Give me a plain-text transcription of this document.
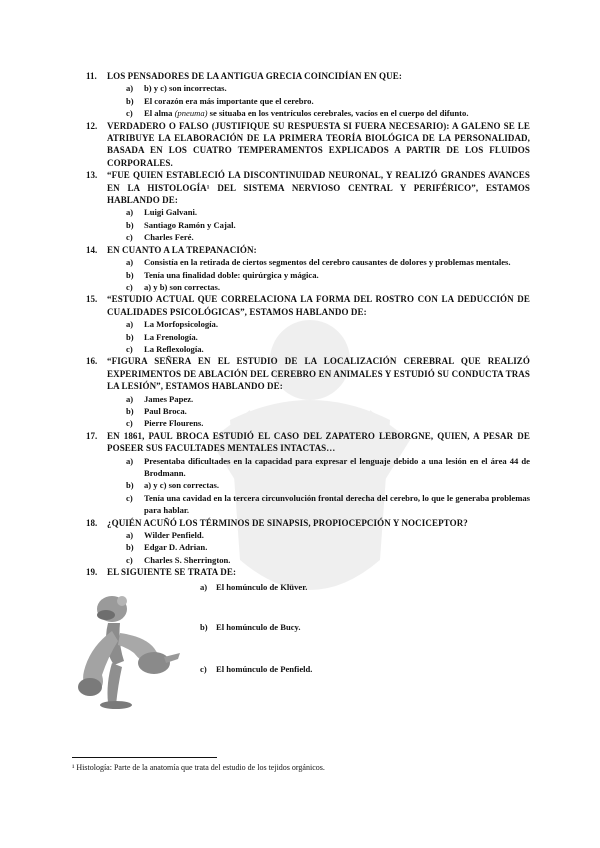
11.	LOS PENSADORES DE LA ANTIGUA GRECIA COINCIDÍAN EN QUE:
a)	b) y c) son incorrectas.
b)	El corazón era más importante que el cerebro.
c)	El alma (pneuma) se situaba en los ventrículos cerebrales, vacíos en el cuerpo del difunto.
12.	VERDADERO O FALSO (JUSTIFIQUE SU RESPUESTA SI FUERA NECESARIO): A GALENO SE LE ATRIBUYE LA ELABORACIÓN DE LA PRIMERA TEORÍA BIOLÓGICA DE LA PERSONALIDAD, BASADA EN LOS CUATRO TEMPERAMENTOS EXPLICADOS A PARTIR DE LOS FLUIDOS CORPORALES.
13.	“FUE QUIEN ESTABLECIÓ LA DISCONTINUIDAD NEURONAL, Y REALIZÓ GRANDES AVANCES EN LA HISTOLOGÍA¹ DEL SISTEMA NERVIOSO CENTRAL Y PERIFÉRICO”, ESTAMOS HABLANDO DE:
a)	Luigi Galvani.
b)	Santiago Ramón y Cajal.
c)	Charles Feré.
14.	EN CUANTO A LA TREPANACIÓN:
a)	Consistía en la retirada de ciertos segmentos del cerebro causantes de dolores y problemas mentales.
b)	Tenía una finalidad doble: quirúrgica y mágica.
c)	a) y b) son correctas.
15.	“ESTUDIO ACTUAL QUE CORRELACIONA LA FORMA DEL ROSTRO CON LA DEDUCCIÓN DE CUALIDADES PSICOLÓGICAS”, ESTAMOS HABLANDO DE:
a)	La Morfopsicología.
b)	La Frenología.
c)	La Reflexología.
16.	“FIGURA SEÑERA EN EL ESTUDIO DE LA LOCALIZACIÓN CEREBRAL QUE REALIZÓ EXPERIMENTOS DE ABLACIÓN DEL CEREBRO EN ANIMALES Y ESTUDIÓ SU CONDUCTA TRAS LA LESIÓN”, ESTAMOS HABLANDO DE:
a)	James Papez.
b)	Paul Broca.
c)	Pierre Flourens.
17.	EN 1861, PAUL BROCA ESTUDIÓ EL CASO DEL ZAPATERO LEBORGNE, QUIEN, A PESAR DE POSEER SUS FACULTADES MENTALES INTACTAS…
a)	Presentaba dificultades en la capacidad para expresar el lenguaje debido a una lesión en el área 44 de Brodmann.
b)	a) y c) son correctas.
c)	Tenía una cavidad en la tercera circunvolución frontal derecha del cerebro, lo que le generaba problemas para hablar.
18.	¿QUIÉN ACUÑÓ LOS TÉRMINOS DE SINAPSIS, PROPIOCEPCIÓN Y NOCICEPTOR?
a)	Wilder Penfield.
b)	Edgar D. Adrian.
c)	Charles S. Sherrington.
19.	EL SIGUIENTE SE TRATA DE:
a)	El homúnculo de Klüver.
b) El homúnculo de Bucy.
c)	El homúnculo de Penfield.
¹ Histología: Parte de la anatomía que trata del estudio de los tejidos orgánicos.
